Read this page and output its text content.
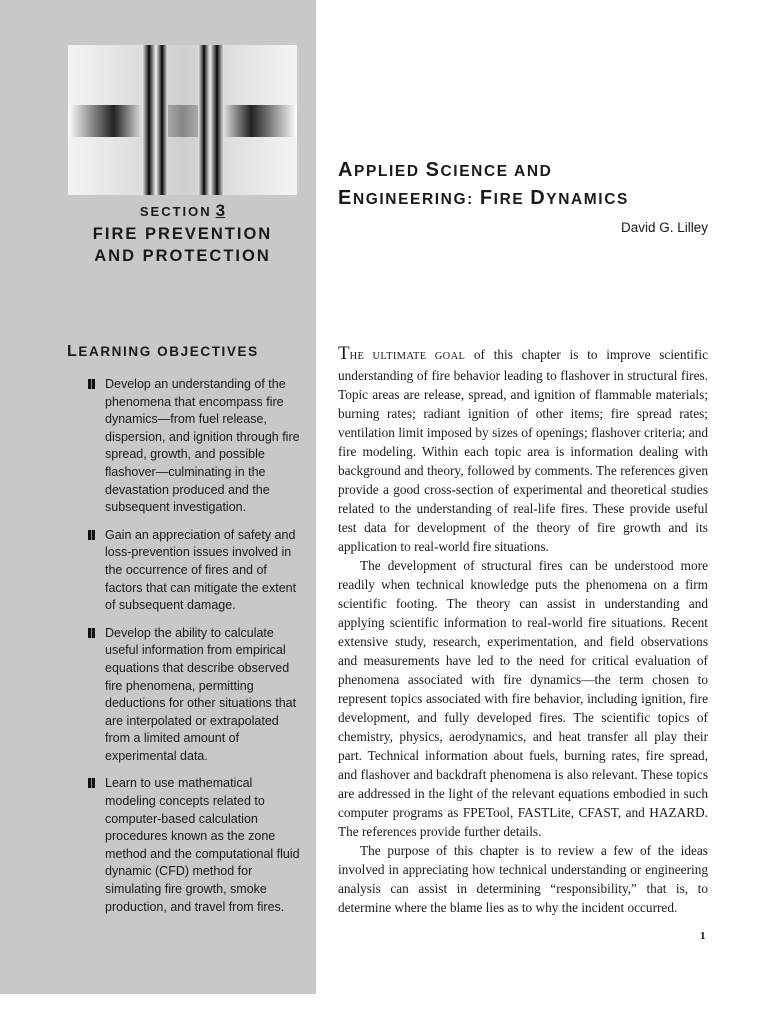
SECTION 3
FIRE PREVENTION
AND PROTECTION
LEARNING OBJECTIVES
Develop an understanding of the phenomena that encompass fire dynamics—from fuel release, dispersion, and ignition through fire spread, growth, and possible flashover—culminating in the devastation produced and the subsequent investigation.
Gain an appreciation of safety and loss-prevention issues involved in the occurrence of fires and of factors that can mitigate the extent of subsequent damage.
Develop the ability to calculate useful information from empirical equations that describe observed fire phenomena, permitting deductions for other situations that are interpolated or extrapolated from a limited amount of experimental data.
Learn to use mathematical modeling concepts related to computer-based calculation procedures known as the zone method and the computational fluid dynamic (CFD) method for simulating fire growth, smoke production, and travel from fires.
APPLIED SCIENCE AND
ENGINEERING: FIRE DYNAMICS
David G. Lilley

THE ULTIMATE GOAL of this chapter is to improve scientific understanding of fire behavior leading to flashover in structural fires. Topic areas are release, spread, and ignition of flammable materials; burning rates; radiant ignition of other items; fire spread rates; ventilation limit imposed by sizes of openings; flashover criteria; and fire modeling. Within each topic area is information dealing with background and theory, followed by comments. The references given provide a good cross-section of experimental and theoretical studies related to the understanding of real-life fires. These provide useful test data for development of the theory of fire growth and its application to real-world fire situations.

The development of structural fires can be understood more readily when technical knowledge puts the phenomena on a firm scientific footing. The theory can assist in understanding and applying scientific information to real-world fire situations. Recent extensive study, research, experimentation, and field observations and measurements have led to the need for critical evaluation of phenomena associated with fire dynamics—the term chosen to represent topics associated with fire behavior, including ignition, fire development, and fully developed fires. The scientific topics of chemistry, physics, aerodynamics, and heat transfer all play their part. Technical information about fuels, burning rates, fire spread, and flashover and backdraft phenomena is also relevant. These topics are addressed in the light of the relevant equations embodied in such computer programs as FPETool, FASTLite, CFAST, and HAZARD. The references provide further details.

The purpose of this chapter is to review a few of the ideas involved in appreciating how technical understanding or engineering analysis can assist in determining “responsibility,” that is, to determine where the blame lies as to why the incident occurred.

1
